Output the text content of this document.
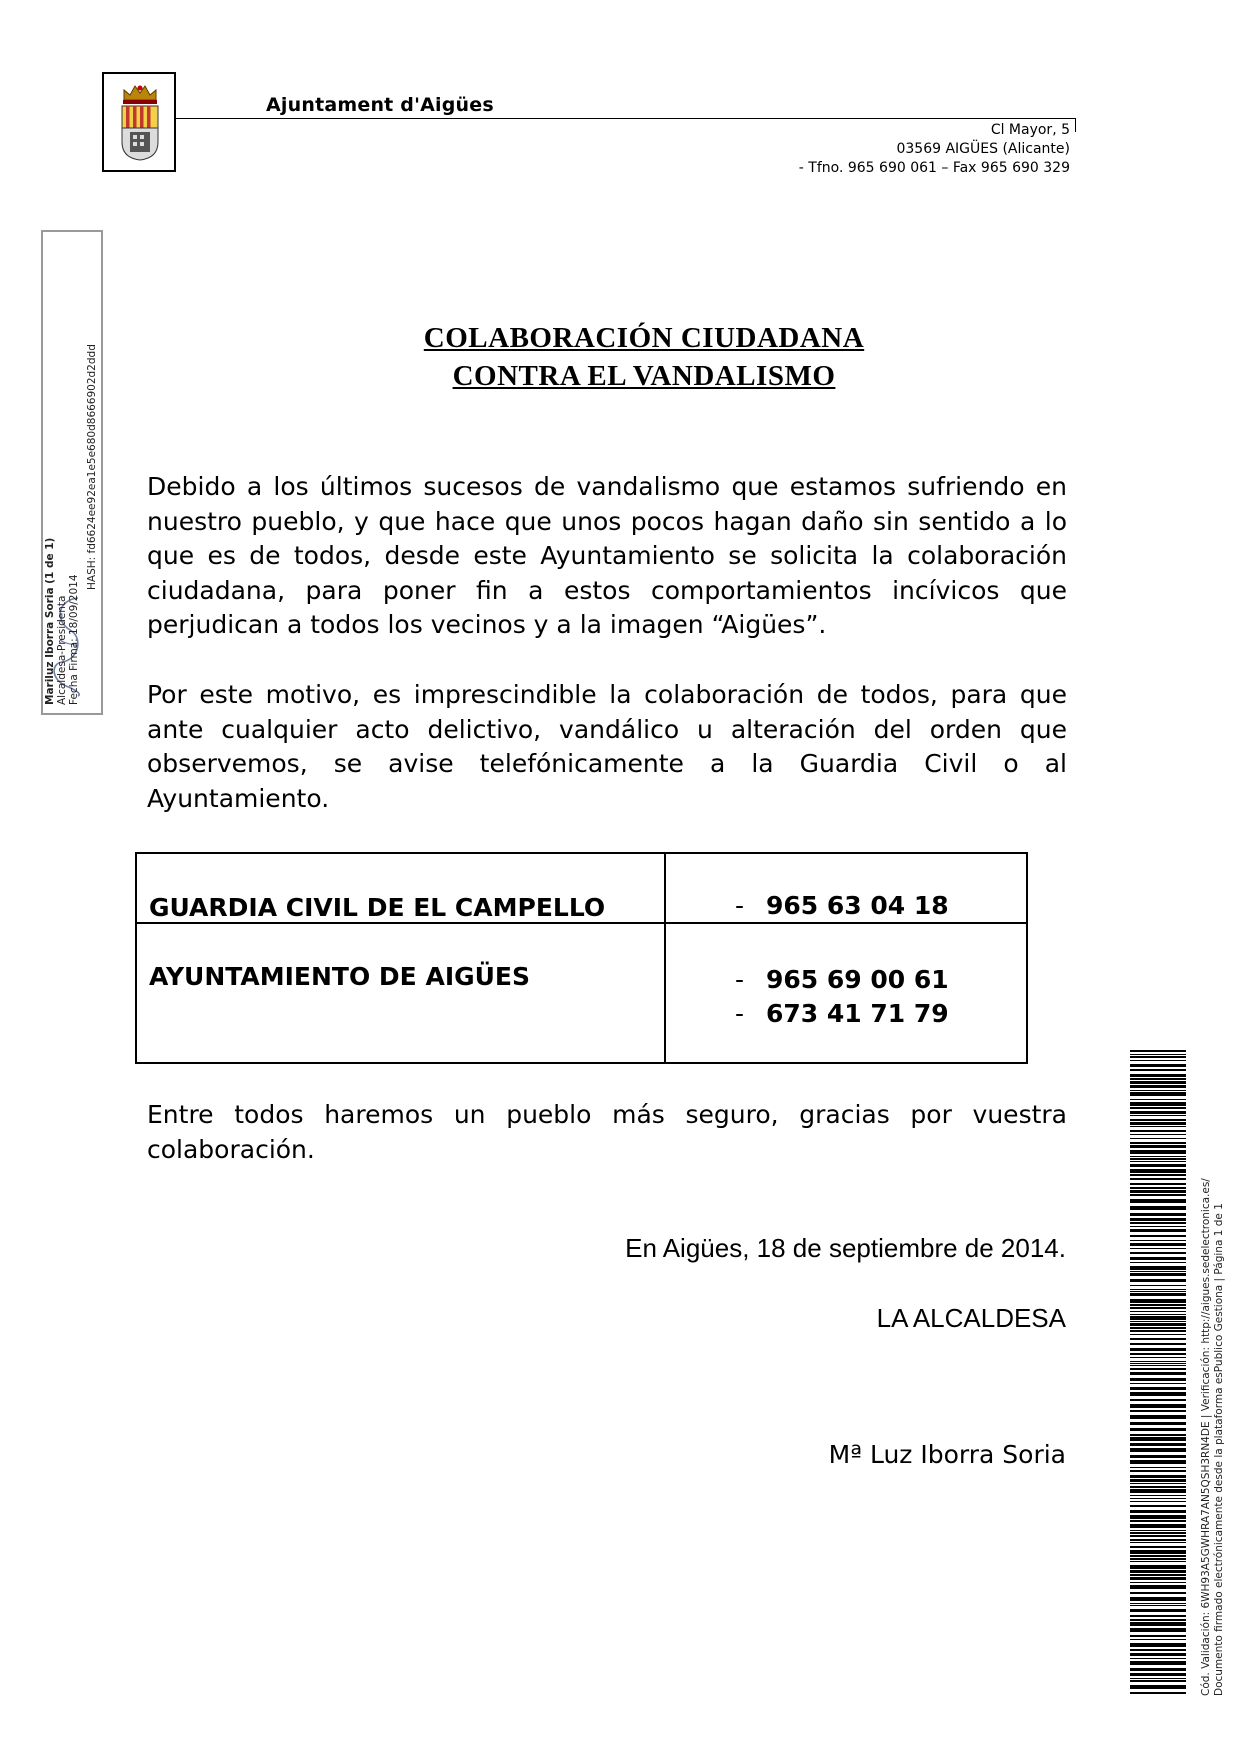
Ajuntament d'Aigües
Cl Mayor, 5
03569 AIGÜES (Alicante)
- Tfno. 965 690 061 – Fax 965 690 329
Mariluz Iborra Soria (1 de 1) Alcaldesa-Presidenta Fecha Firma: 18/09/2014
HASH: fd6624ee92ea1e5e680d8666902d2ddd
COLABORACIÓN CIUDADANA
CONTRA EL VANDALISMO
Debido a los últimos sucesos de vandalismo que estamos sufriendo en nuestro pueblo, y que hace que unos pocos hagan daño sin sentido a lo que es de todos, desde este Ayuntamiento se solicita la colaboración ciudadana, para poner fin a estos comportamientos incívicos que perjudican a todos los vecinos y a la imagen “Aigües”.
Por este motivo, es imprescindible la colaboración de todos, para que ante cualquier acto delictivo, vandálico u alteración del orden que observemos, se avise telefónicamente a la Guardia Civil o al Ayuntamiento.
GUARDIA CIVIL DE EL CAMPELLO	- 965 63 04 18

AYUNTAMIENTO DE AIGÜES	- 965 69 00 61
- 673 41 71 79
Entre todos haremos un pueblo más seguro, gracias por vuestra colaboración.
En Aigües, 18 de septiembre de 2014.
LA ALCALDESA
Mª Luz Iborra Soria	Cód. Validación: 6WH93A5GWHRA7AN5QSH3RN4DE | Verificación: http://aigues.sedelectronica.es/ Documento firmado electrónicamente desde la plataforma esPublico Gestiona | Página 1 de 1
